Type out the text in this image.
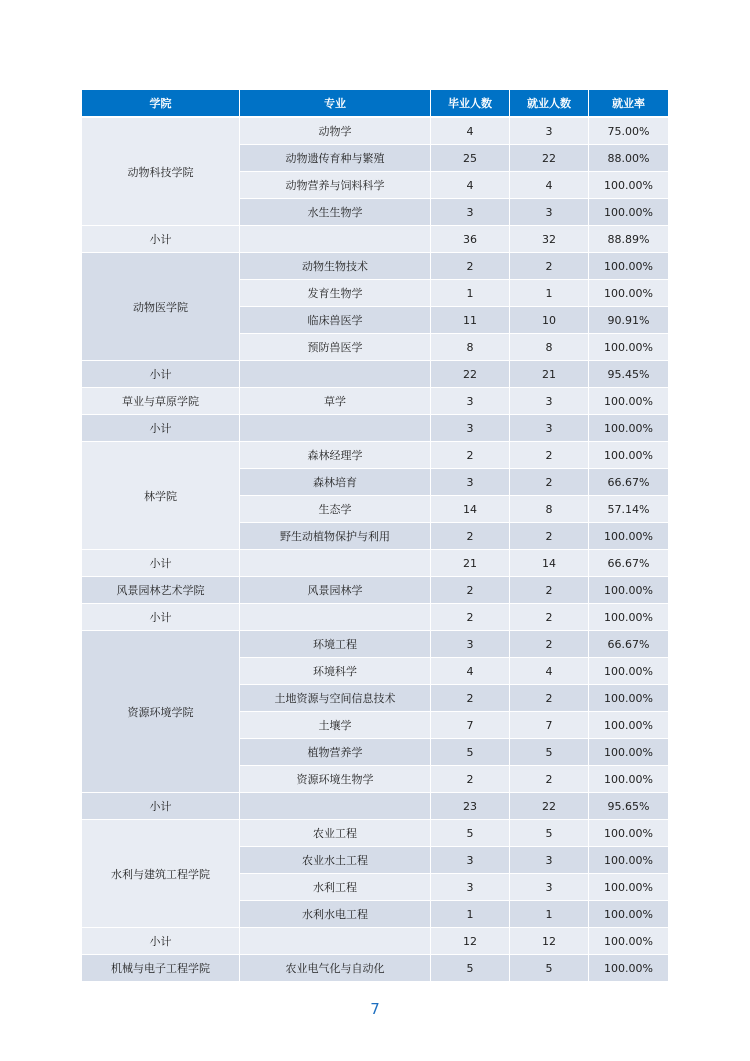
学院	专业	毕业人数	就业人数	就业率
动物科技学院	动物学	4	3	75.00%
	动物遗传育种与繁殖	25	22	88.00%
	动物营养与饲料科学	4	4	100.00%
	水生生物学	3	3	100.00%
小计		36	32	88.89%
动物医学院	动物生物技术	2	2	100.00%
	发育生物学	1	1	100.00%
	临床兽医学	11	10	90.91%
	预防兽医学	8	8	100.00%
小计		22	21	95.45%
草业与草原学院	草学	3	3	100.00%
小计		3	3	100.00%
林学院	森林经理学	2	2	100.00%
	森林培育	3	2	66.67%
	生态学	14	8	57.14%
	野生动植物保护与利用	2	2	100.00%
小计		21	14	66.67%
风景园林艺术学院	风景园林学	2	2	100.00%
小计		2	2	100.00%
资源环境学院	环境工程	3	2	66.67%
	环境科学	4	4	100.00%
	土地资源与空间信息技术	2	2	100.00%
	土壤学	7	7	100.00%
	植物营养学	5	5	100.00%
	资源环境生物学	2	2	100.00%
小计		23	22	95.65%
水利与建筑工程学院	农业工程	5	5	100.00%
	农业水土工程	3	3	100.00%
	水利工程	3	3	100.00%
	水利水电工程	1	1	100.00%
小计		12	12	100.00%
机械与电子工程学院	农业电气化与自动化	5	5	100.00%
7
